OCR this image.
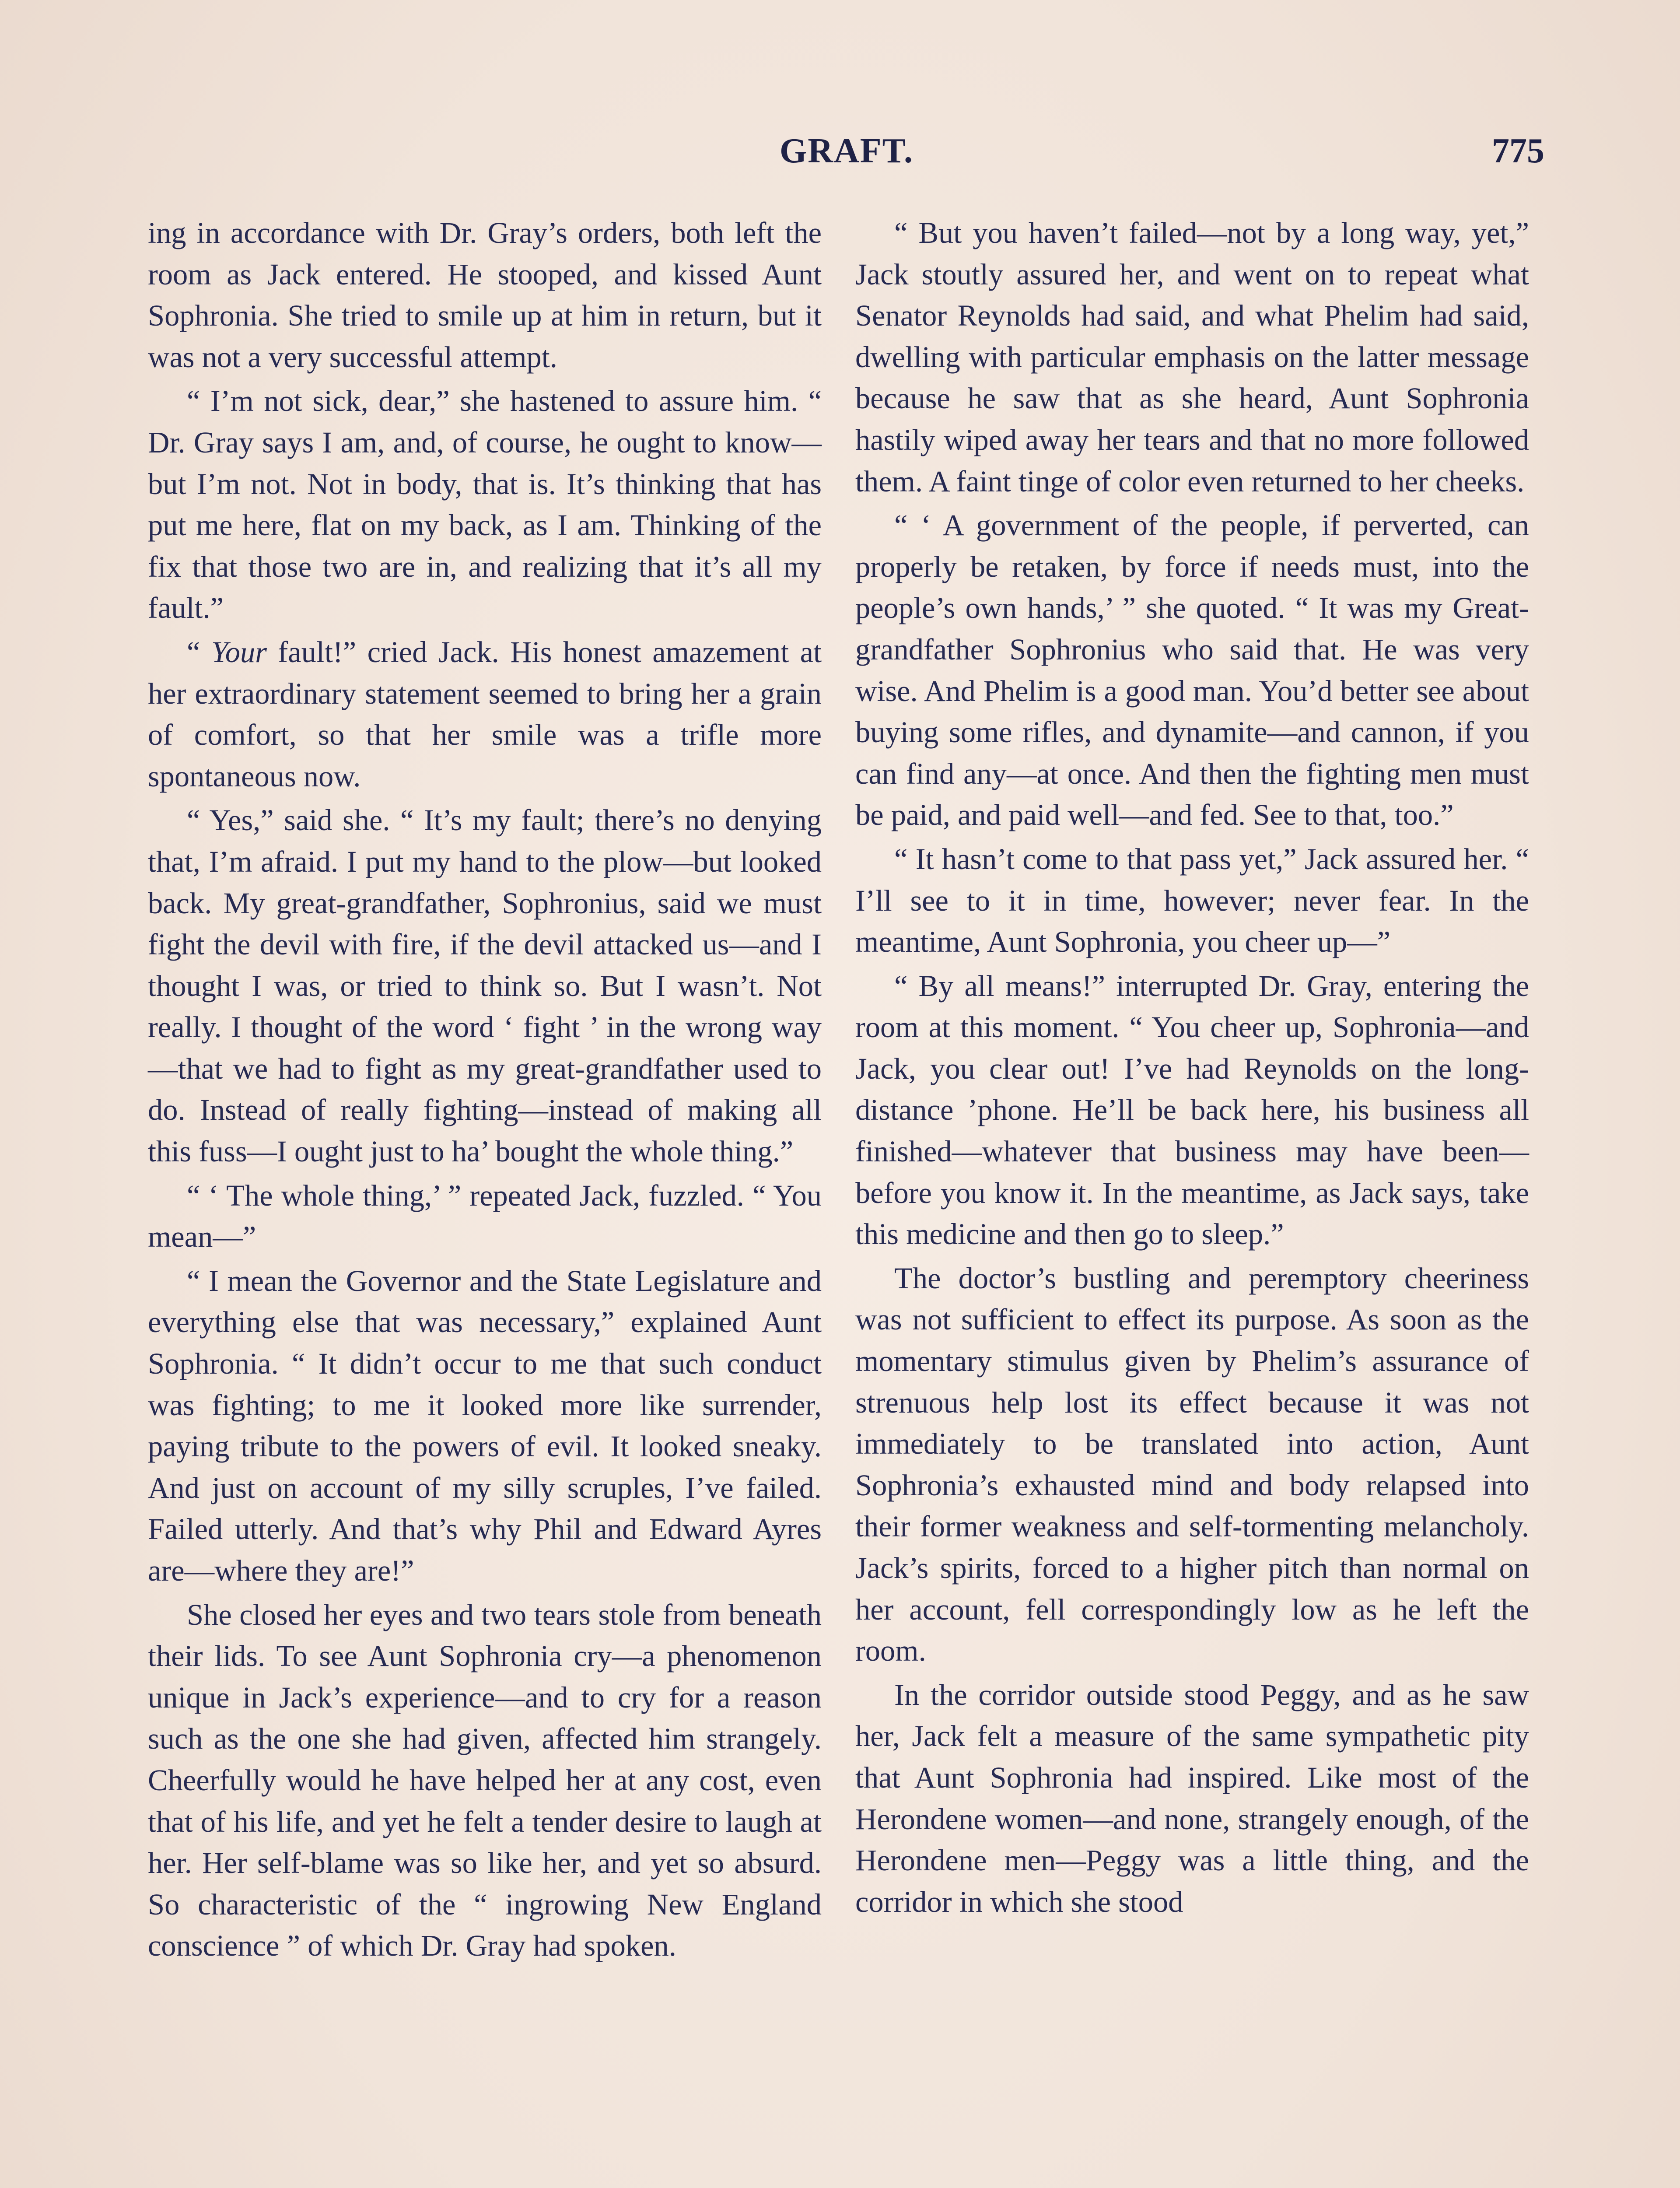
GRAFT.	775

ing in accordance with Dr. Gray’s orders, both left the room as Jack entered. He stooped, and kissed Aunt Sophronia. She tried to smile up at him in return, but it was not a very successful attempt.

“ I’m not sick, dear,” she hastened to assure him. “ Dr. Gray says I am, and, of course, he ought to know—but I’m not. Not in body, that is. It’s thinking that has put me here, flat on my back, as I am. Thinking of the fix that those two are in, and realizing that it’s all my fault.”

“ Your fault!” cried Jack. His honest amazement at her extraordinary statement seemed to bring her a grain of comfort, so that her smile was a trifle more spontaneous now.

“ Yes,” said she. “ It’s my fault; there’s no denying that, I’m afraid. I put my hand to the plow—but looked back. My great-grandfather, Sophronius, said we must fight the devil with fire, if the devil attacked us—and I thought I was, or tried to think so. But I wasn’t. Not really. I thought of the word ‘ fight ’ in the wrong way—that we had to fight as my great-grandfather used to do. Instead of really fighting—instead of making all this fuss—I ought just to ha’ bought the whole thing.”

“ ‘ The whole thing,’ ” repeated Jack, fuzzled. “ You mean—”

“ I mean the Governor and the State Legislature and everything else that was necessary,” explained Aunt Sophronia. “ It didn’t occur to me that such conduct was fighting; to me it looked more like surrender, paying tribute to the powers of evil. It looked sneaky. And just on account of my silly scruples, I’ve failed. Failed utterly. And that’s why Phil and Edward Ayres are—where they are!”

She closed her eyes and two tears stole from beneath their lids. To see Aunt Sophronia cry—a phenomenon unique in Jack’s experience—and to cry for a reason such as the one she had given, affected him strangely. Cheerfully would he have helped her at any cost, even that of his life, and yet he felt a tender desire to laugh at her. Her self-blame was so like her, and yet so absurd. So characteristic of the “ ingrowing New England conscience ” of which Dr. Gray had spoken.

“ But you haven’t failed—not by a long way, yet,” Jack stoutly assured her, and went on to repeat what Senator Reynolds had said, and what Phelim had said, dwelling with particular emphasis on the latter message because he saw that as she heard, Aunt Sophronia hastily wiped away her tears and that no more followed them. A faint tinge of color even returned to her cheeks.

“ ‘ A government of the people, if perverted, can properly be retaken, by force if needs must, into the people’s own hands,’ ” she quoted. “ It was my Great-grandfather Sophronius who said that. He was very wise. And Phelim is a good man. You’d better see about buying some rifles, and dynamite—and cannon, if you can find any—at once. And then the fighting men must be paid, and paid well—and fed. See to that, too.”

“ It hasn’t come to that pass yet,” Jack assured her. “ I’ll see to it in time, however; never fear. In the meantime, Aunt Sophronia, you cheer up—”

“ By all means!” interrupted Dr. Gray, entering the room at this moment. “ You cheer up, Sophronia—and Jack, you clear out! I’ve had Reynolds on the long-distance ’phone. He’ll be back here, his business all finished—whatever that business may have been—before you know it. In the meantime, as Jack says, take this medicine and then go to sleep.”

The doctor’s bustling and peremptory cheeriness was not sufficient to effect its purpose. As soon as the momentary stimulus given by Phelim’s assurance of strenuous help lost its effect because it was not immediately to be translated into action, Aunt Sophronia’s exhausted mind and body relapsed into their former weakness and self-tormenting melancholy. Jack’s spirits, forced to a higher pitch than normal on her account, fell correspondingly low as he left the room.

In the corridor outside stood Peggy, and as he saw her, Jack felt a measure of the same sympathetic pity that Aunt Sophronia had inspired. Like most of the Herondene women—and none, strangely enough, of the Herondene men—Peggy was a little thing, and the corridor in which she stood
